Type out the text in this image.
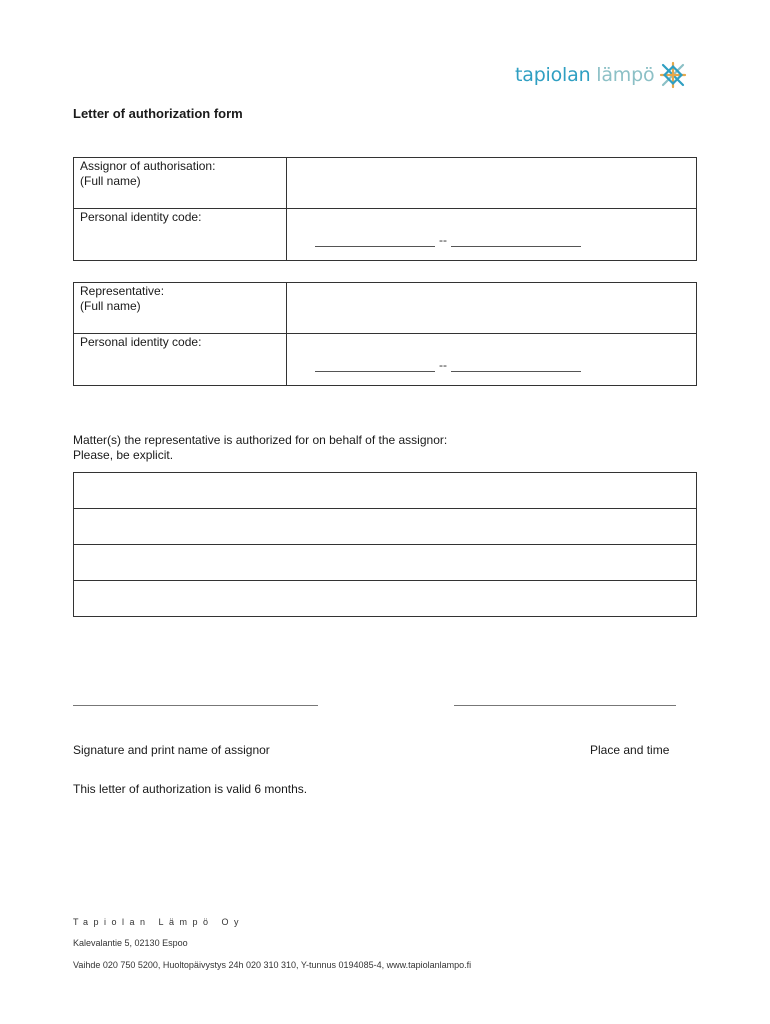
tapiolan lämpö
Letter of authorization form
Assignor of authorisation:
(Full name)	

Personal identity code:	--
Representative:
(Full name)	

Personal identity code:	--
Matter(s) the representative is authorized for on behalf of the assignor:
Please, be explicit.

Signature and print name of assignor	Place and time
This letter of authorization is valid 6 months.
Tapiolan Lämpö Oy
Kalevalantie 5, 02130 Espoo
Vaihde 020 750 5200, Huoltopäivystys 24h 020 310 310, Y-tunnus 0194085-4, www.tapiolanlampo.fi
